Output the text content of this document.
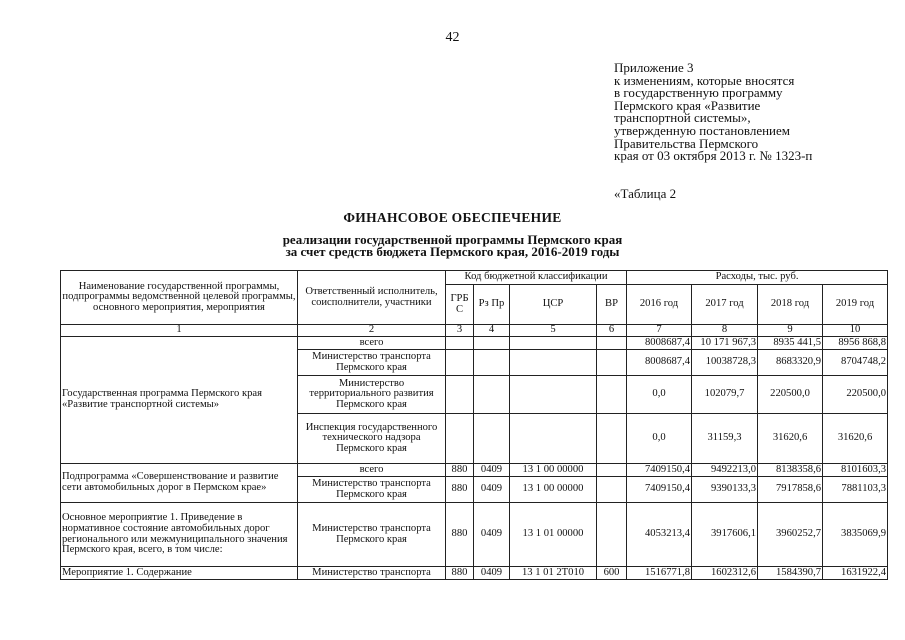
42
Приложение 3
к изменениям, которые вносятся
в государственную программу
Пермского края «Развитие
транспортной системы»,
утвержденную постановлением
Правительства Пермского
края от 03 октября 2013 г. № 1323-п
«Таблица 2
ФИНАНСОВОЕ ОБЕСПЕЧЕНИЕ
реализации государственной программы Пермского края
за счет средств бюджета Пермского края, 2016-2019 годы
Наименование государственной программы, подпрограммы ведомственной целевой программы, основного мероприятия, мероприятия	Ответственный исполнитель, соисполнители, участники	Код бюджетной классификации				Расходы, тыс. руб.			
		ГРБ С	Рз Пр	ЦСР	ВР	2016 год	2017 год	2018 год	2019 год
1	2	3	4	5	6	7	8	9	10
Государственная программа Пермского края «Развитие транспортной системы»	всего					8008687,4	10 171 967,3	8935 441,5	8956 868,8
	Министерство транспорта Пермского края					8008687,4	10038728,3	8683320,9	8704748,2
	Министерство территориального развития Пермского края					0,0	102079,7	220500,0	220500,0
	Инспекция государственного технического надзора Пермского края					0,0	31159,3	31620,6	31620,6
Подпрограмма «Совершенствование и развитие сети автомобильных дорог в Пермском крае»	всего	880	0409	13 1 00 00000		7409150,4	9492213,0	8138358,6	8101603,3
	Министерство транспорта Пермского края	880	0409	13 1 00 00000		7409150,4	9390133,3	7917858,6	7881103,3
Основное мероприятие 1. Приведение в нормативное состояние автомобильных дорог регионального или межмуниципального значения Пермского края, всего, в том числе:	Министерство транспорта Пермского края	880	0409	13 1 01 00000		4053213,4	3917606,1	3960252,7	3835069,9
Мероприятие 1. Содержание	Министерство транспорта	880	0409	13 1 01 2T010	600	1516771,8	1602312,6	1584390,7	1631922,4
